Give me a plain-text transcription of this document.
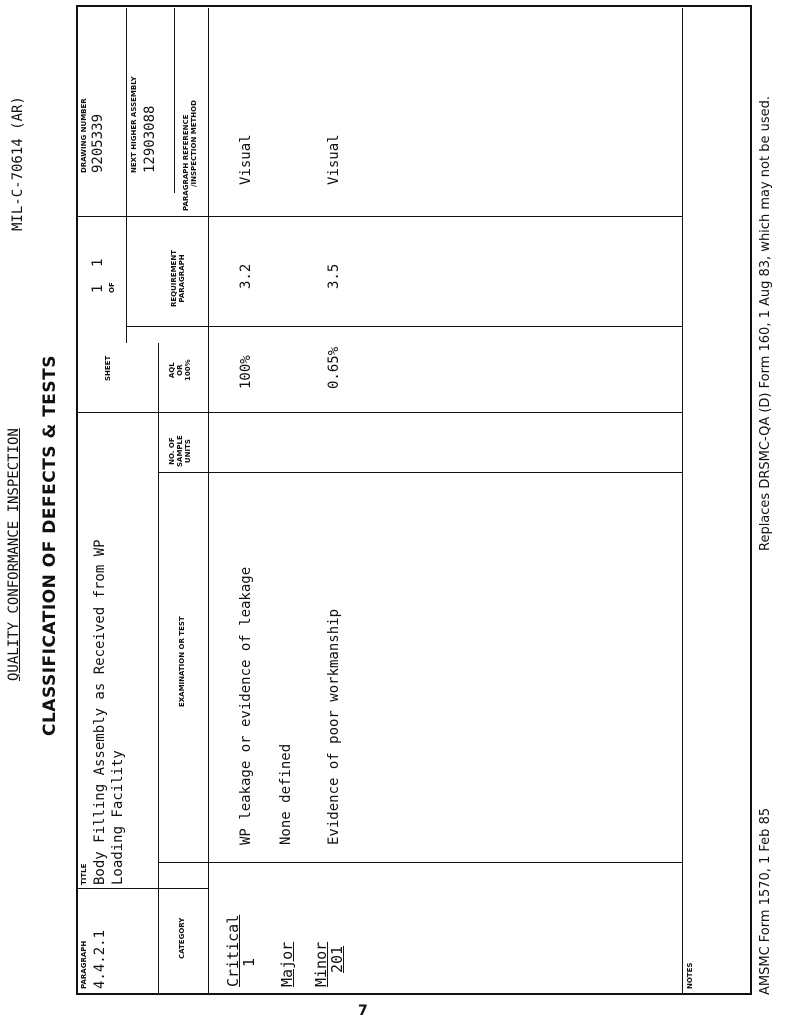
QUALITY CONFORMANCE INSPECTION
MIL-C-70614 (AR)
CLASSIFICATION OF DEFECTS & TESTS
PARAGRAPH 4.4.2.1
TITLE Body Filling Assembly as Received from WP Loading Facility
SHEET
1 OF
1
DRAWING NUMBER 9205339	NEXT HIGHER ASSEMBLY 12903088
CATEGORY
EXAMINATION OR TEST
NO. OF SAMPLE UNITS
AQL OR 100%
REQUIREMENT PARAGRAPH
PARAGRAPH REFERENCE /INSPECTION METHOD
Critical
1
WP leakage or evidence of leakage
100%
3.2
Visual
Major
None defined
Minor
201
Evidence of poor workmanship
0.65%
3.5
Visual
NOTES	AMSMC Form 1570, 1 Feb 85
Replaces DRSMC-QA (D) Form 160, 1 Aug 83, which may not be used.
7
